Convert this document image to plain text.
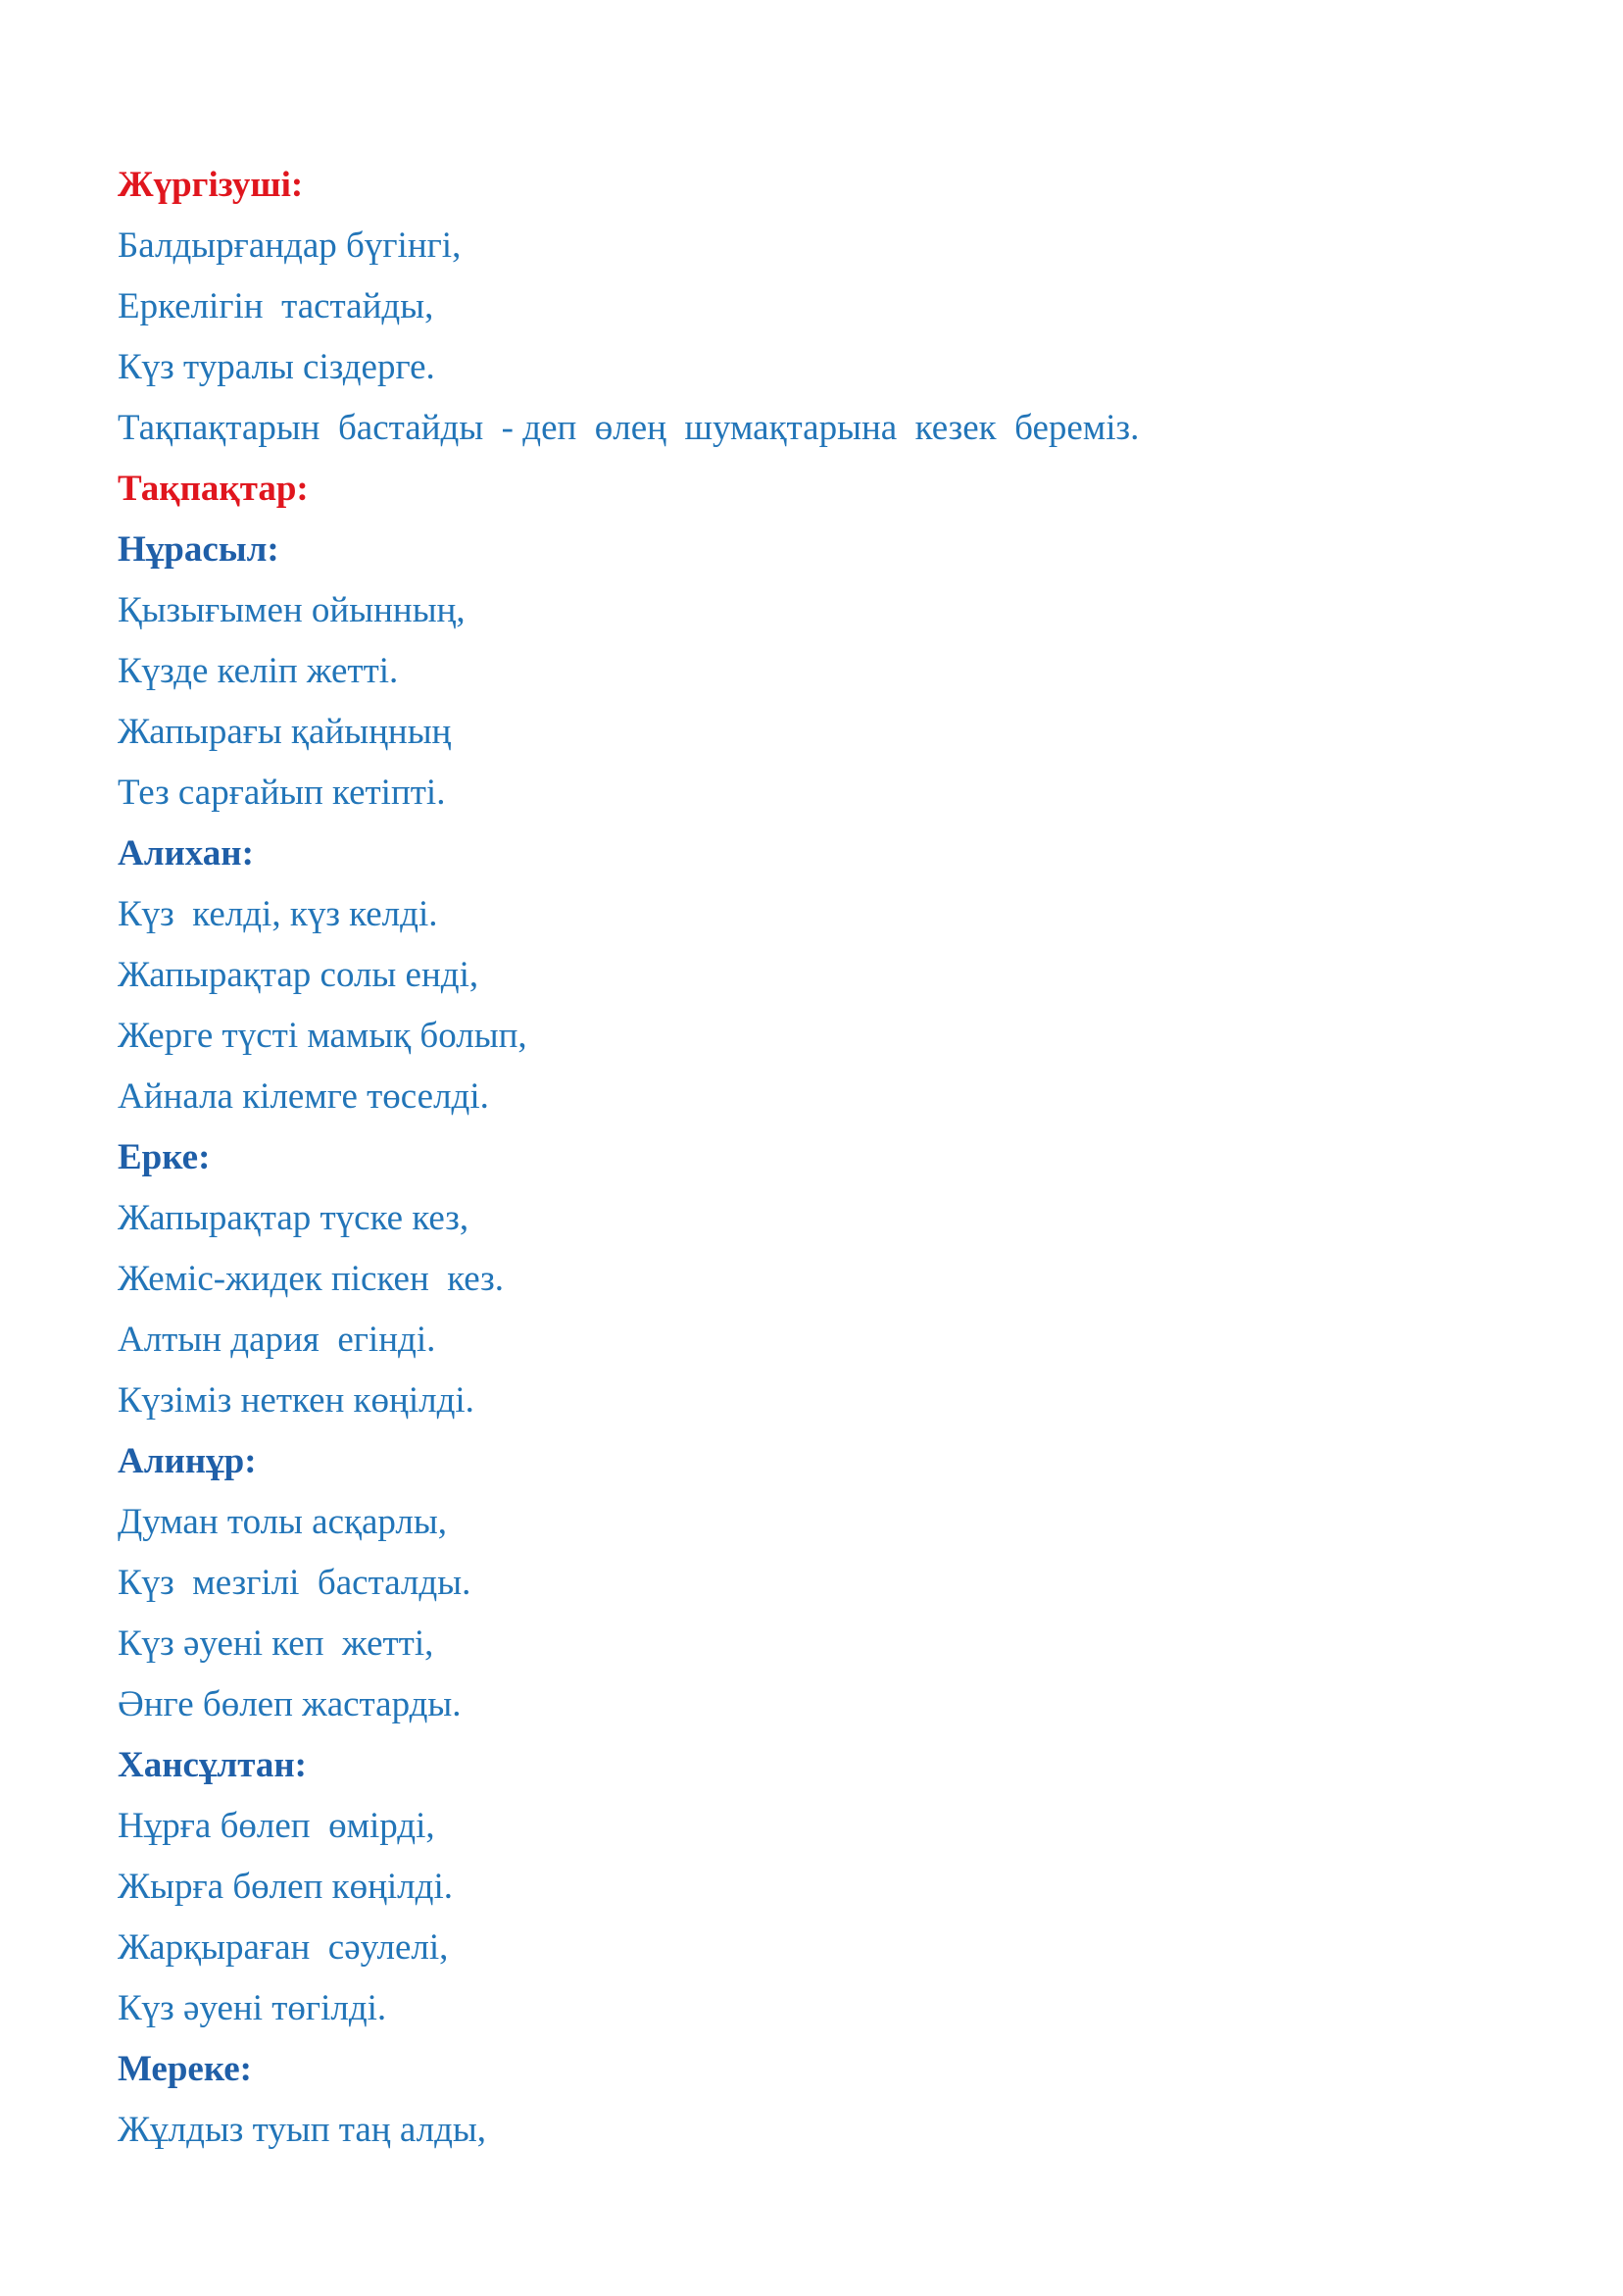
Жүргізуші:
Балдырғандар бүгінгі,
Еркелігін  тастайды,
Күз туралы сіздерге.
Тақпақтарын  бастайды  - деп  өлең  шумақтарына  кезек  береміз.
Тақпақтар:
Нұрасыл:
Қызығымен ойынның,
Күзде келіп жетті.
Жапырағы қайыңның
Тез сарғайып кетіпті.
Алихан:
Күз  келді, күз келді.
Жапырақтар солы енді,
Жерге түсті мамық болып,
Айнала кілемге төселді.
Ерке:
Жапырақтар түске кез,
Жеміс-жидек піскен  кез.
Алтын дария  егінді.
Күзіміз неткен көңілді.
Алинұр:
Думан толы асқарлы,
Күз  мезгілі  басталды.
Күз әуені кеп  жетті,
Әнге бөлеп жастарды.
Хансұлтан:
Нұрға бөлеп  өмірді,
Жырға бөлеп көңілді.
Жарқыраған  сәулелі,
Күз әуені төгілді.
Мереке:
Жұлдыз туып таң алды,
